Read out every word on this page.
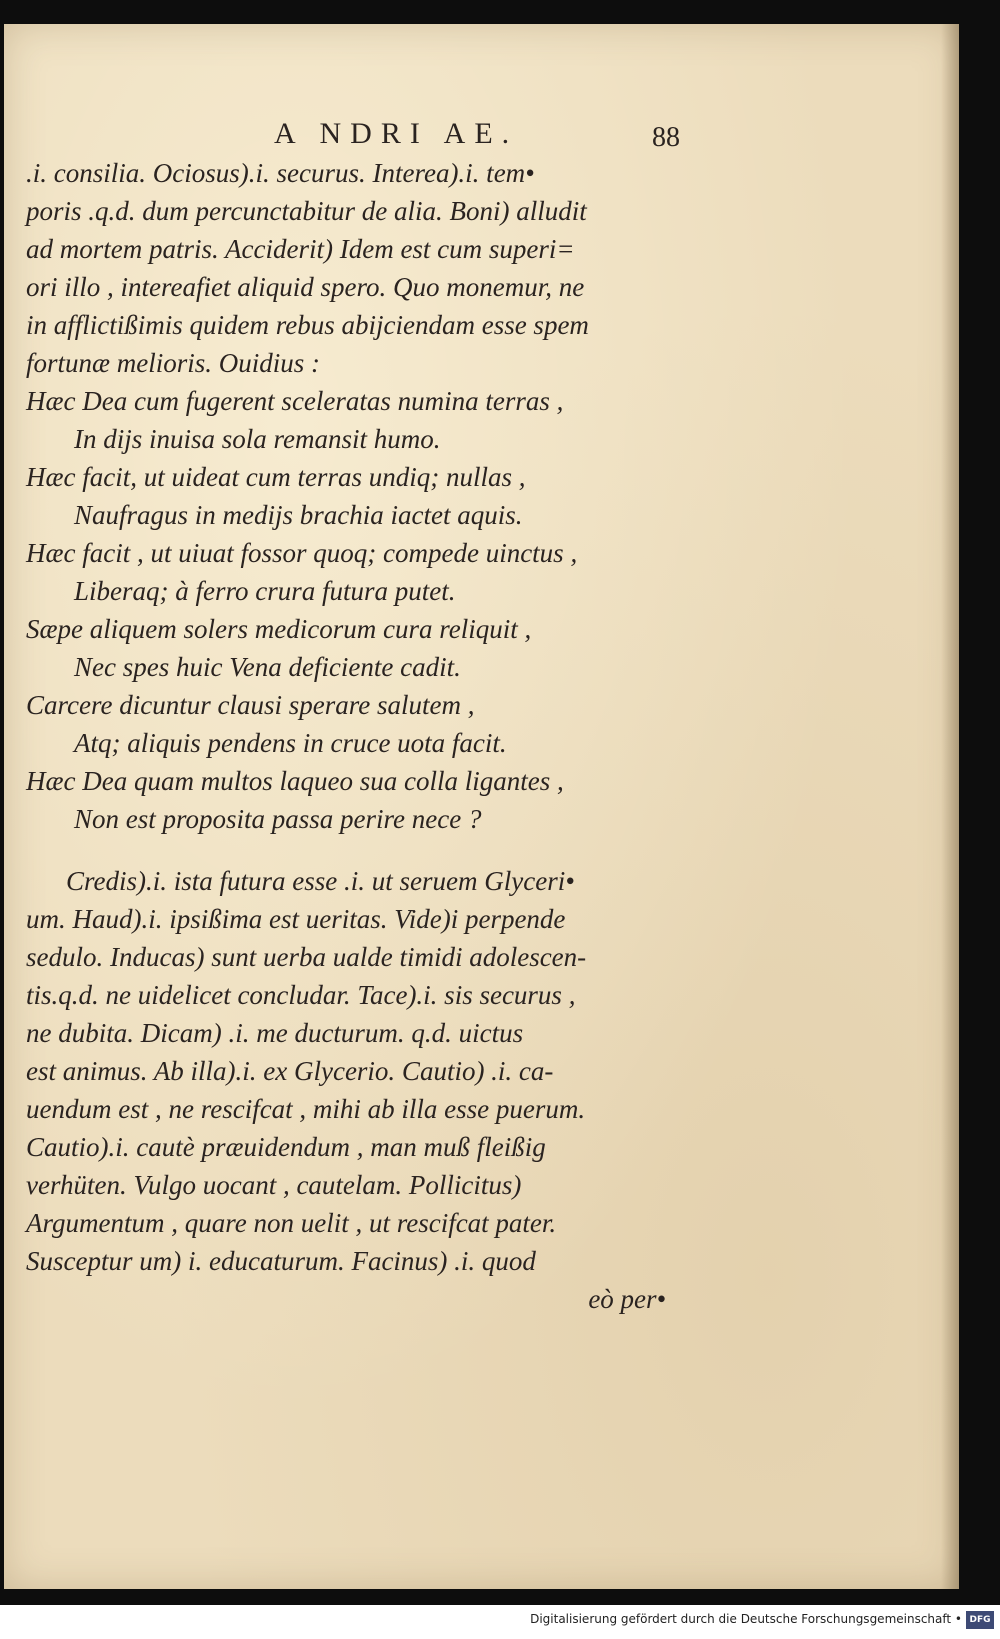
A NDRI AE.	88
.i. consilia. Ociosus).i. securus. Interea).i. tem•
poris .q.d. dum percunctabitur de alia. Boni) alludit
ad mortem patris. Acciderit) Idem est cum superi=
ori illo , intereafiet aliquid spero. Quo monemur, ne
in afflictißimis quidem rebus abijciendam esse spem
fortunæ melioris. Ouidius :
Hæc Dea cum fugerent sceleratas numina terras ,
In dijs inuisa sola remansit humo.
Hæc facit, ut uideat cum terras undiq; nullas ,
Naufragus in medijs brachia iactet aquis.
Hæc facit , ut uiuat fossor quoq; compede uinctus ,
Liberaq; à ferro crura futura putet.
Sæpe aliquem solers medicorum cura reliquit ,
Nec spes huic Vena deficiente cadit.
Carcere dicuntur clausi sperare salutem ,
Atq; aliquis pendens in cruce uota facit.
Hæc Dea quam multos laqueo sua colla ligantes ,
Non est proposita passa perire nece ?
Credis).i. ista futura esse .i. ut seruem Glyceri•
um. Haud).i. ipsißima est ueritas. Vide)i perpende
sedulo. Inducas) sunt uerba ualde timidi adolescen-
tis.q.d. ne uidelicet concludar. Tace).i. sis securus ,
ne dubita. Dicam) .i. me ducturum. q.d. uictus
est animus. Ab illa).i. ex Glycerio. Cautio) .i. ca-
uendum est , ne rescifcat , mihi ab illa esse puerum.
Cautio).i. cautè præuidendum , man muß fleißig
verhüten. Vulgo uocant , cautelam. Pollicitus)
Argumentum , quare non uelit , ut rescifcat pater.
Susceptur um) i. educaturum. Facinus) .i. quod
eò per•
Digitalisierung gefördert durch die Deutsche Forschungsgemeinschaft • DFG
